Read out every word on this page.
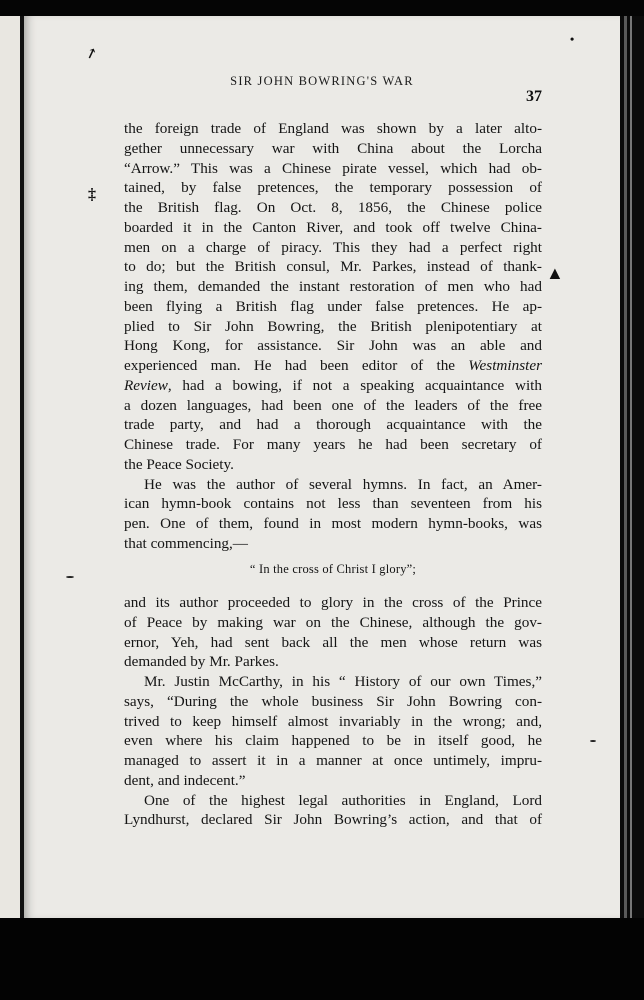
↗
•
‡
▲
SIR JOHN BOWRING'S WAR
37
the foreign trade of England was shown by a later alto-
gether unnecessary war with China about the Lorcha
“Arrow.” This was a Chinese pirate vessel, which had ob-
tained, by false pretences, the temporary possession of
the British flag. On Oct. 8, 1856, the Chinese police
boarded it in the Canton River, and took off twelve China-
men on a charge of piracy. This they had a perfect right
to do; but the British consul, Mr. Parkes, instead of thank-
ing them, demanded the instant restoration of men who had
been flying a British flag under false pretences. He ap-
plied to Sir John Bowring, the British plenipotentiary at
Hong Kong, for assistance. Sir John was an able and
experienced man. He had been editor of the Westminster
Review, had a bowing, if not a speaking acquaintance with
a dozen languages, had been one of the leaders of the free
trade party, and had a thorough acquaintance with the
Chinese trade. For many years he had been secretary of
the Peace Society.
He was the author of several hymns. In fact, an Amer-
ican hymn-book contains not less than seventeen from his
pen. One of them, found in most modern hymn-books, was
that commencing,—
“ In the cross of Christ I glory”;
and its author proceeded to glory in the cross of the Prince
of Peace by making war on the Chinese, although the gov-
ernor, Yeh, had sent back all the men whose return was
demanded by Mr. Parkes.
Mr. Justin McCarthy, in his “ History of our own Times,”
says, “During the whole business Sir John Bowring con-
trived to keep himself almost invariably in the wrong; and,
even where his claim happened to be in itself good, he
managed to assert it in a manner at once untimely, impru-
dent, and indecent.”
One of the highest legal authorities in England, Lord
Lyndhurst, declared Sir John Bowring’s action, and that of
